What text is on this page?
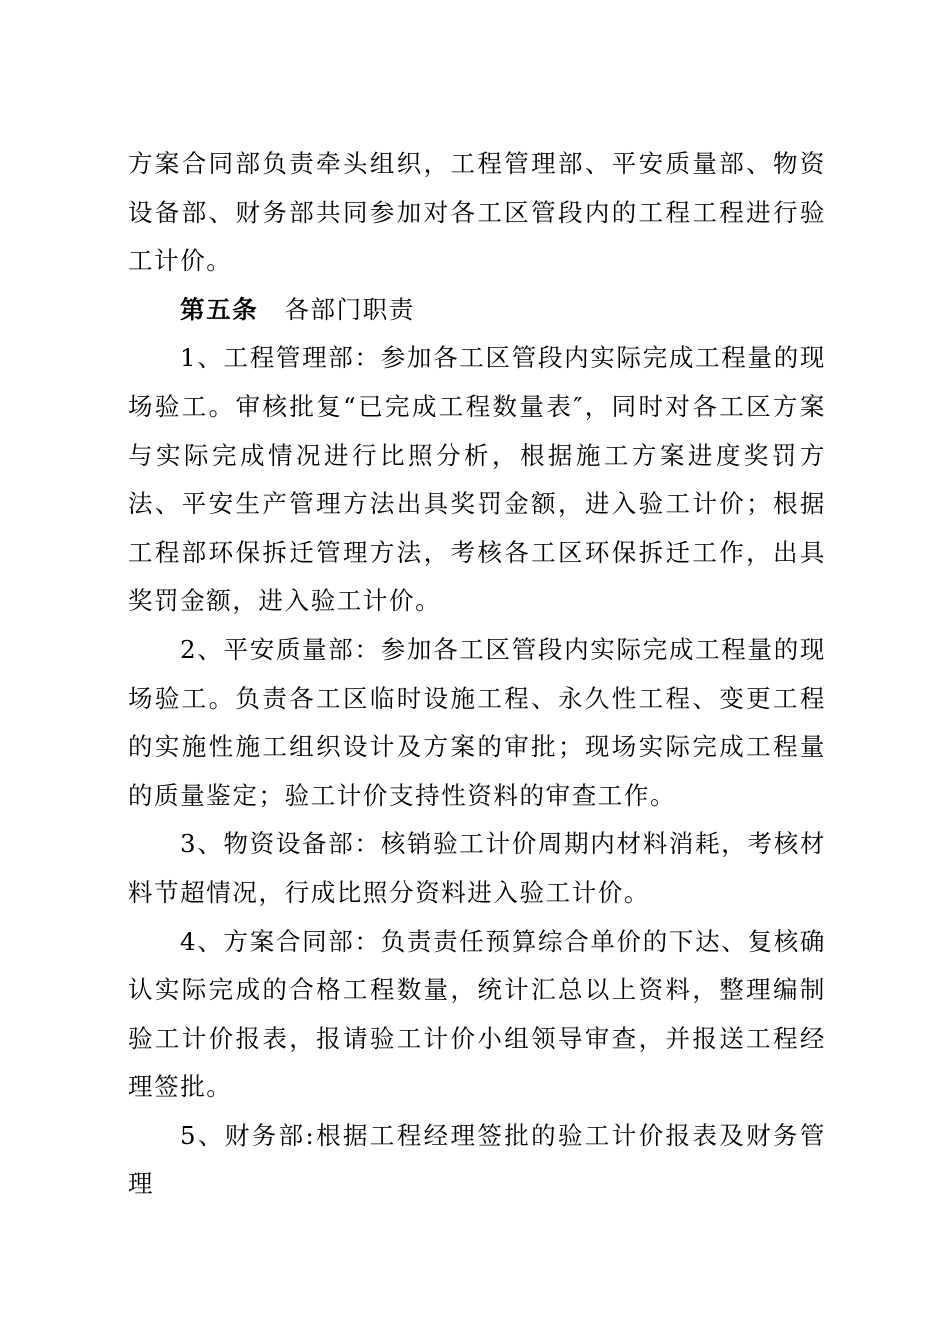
方案合同部负责牵头组织，工程管理部、平安质量部、物资设备部、财务部共同参加对各工区管段内的工程工程进行验工计价。

第五条　 各部门职责

1、工程管理部：参加各工区管段内实际完成工程量的现场验工。审核批复“已完成工程数量表″，同时对各工区方案与实际完成情况进行比照分析，根据施工方案进度奖罚方法、平安生产管理方法出具奖罚金额，进入验工计价；根据工程部环保拆迁管理方法，考核各工区环保拆迁工作，出具奖罚金额，进入验工计价。

2、平安质量部：参加各工区管段内实际完成工程量的现场验工。负责各工区临时设施工程、永久性工程、变更工程的实施性施工组织设计及方案的审批；现场实际完成工程量的质量鉴定；验工计价支持性资料的审查工作。

3、物资设备部：核销验工计价周期内材料消耗，考核材料节超情况，行成比照分资料进入验工计价。

4、方案合同部：负责责任预算综合单价的下达、复核确认实际完成的合格工程数量，统计汇总以上资料，整理编制验工计价报表，报请验工计价小组领导审查，并报送工程经理签批。

5、财务部:根据工程经理签批的验工计价报表及财务管理
